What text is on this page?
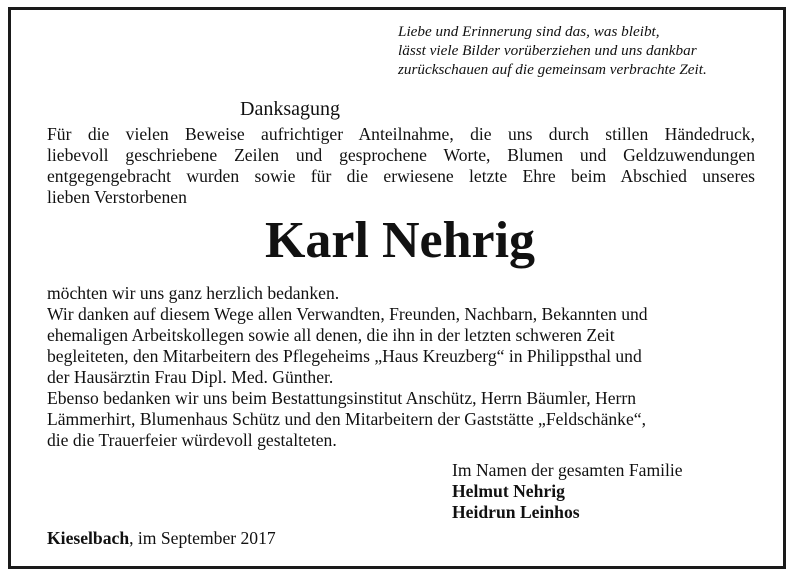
Liebe und Erinnerung sind das, was bleibt,
lässt viele Bilder vorüberziehen und uns dankbar
zurückschauen auf die gemeinsam verbrachte Zeit.
Danksagung
Für die vielen Beweise aufrichtiger Anteilnahme, die uns durch stillen Händedruck,
liebevoll geschriebene Zeilen und gesprochene Worte, Blumen und Geldzuwendungen
entgegengebracht wurden sowie für die erwiesene letzte Ehre beim Abschied unseres
lieben Verstorbenen
Karl Nehrig
möchten wir uns ganz herzlich bedanken.
Wir danken auf diesem Wege allen Verwandten, Freunden, Nachbarn, Bekannten und
ehemaligen Arbeitskollegen sowie all denen, die ihn in der letzten schweren Zeit
begleiteten, den Mitarbeitern des Pflegeheims „Haus Kreuzberg“ in Philippsthal und
der Hausärztin Frau Dipl. Med. Günther.
Ebenso bedanken wir uns beim Bestattungsinstitut Anschütz, Herrn Bäumler, Herrn
Lämmerhirt, Blumenhaus Schütz und den Mitarbeitern der Gaststätte „Feldschänke“,
die die Trauerfeier würdevoll gestalteten.
Im Namen der gesamten Familie
Helmut Nehrig
Heidrun Leinhos
Kieselbach, im September 2017
